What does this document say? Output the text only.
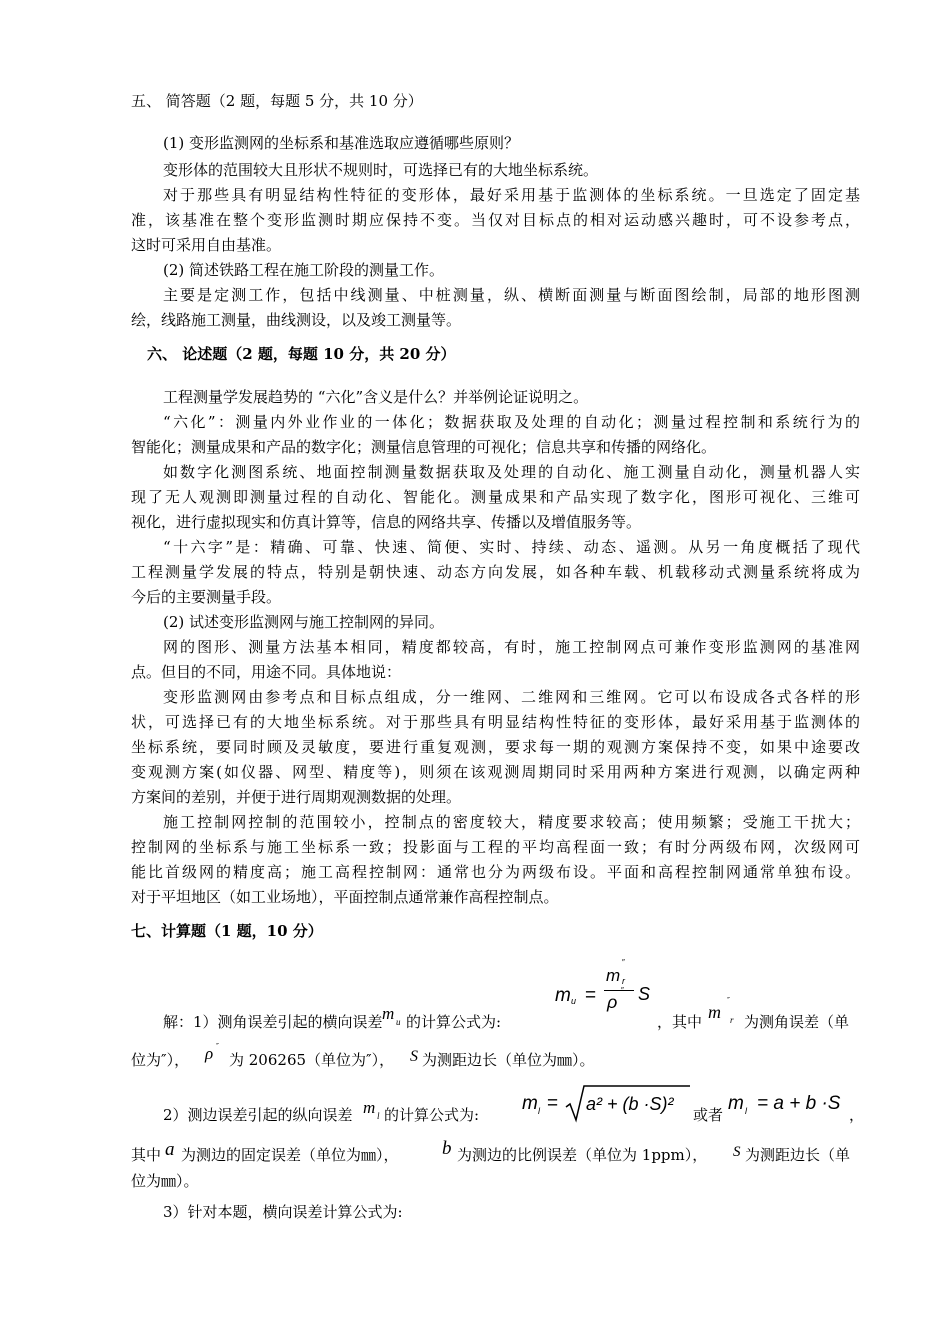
五、 简答题（2 题，每题 5 分，共 10 分）
(1) 变形监测网的坐标系和基准选取应遵循哪些原则？
变形体的范围较大且形状不规则时，可选择已有的大地坐标系统。
对于那些具有明显结构性特征的变形体，最好采用基于监测体的坐标系统。一旦选定了固定基
准，该基准在整个变形监测时期应保持不变。当仅对目标点的相对运动感兴趣时，可不设参考点，
这时可采用自由基准。
(2) 简述铁路工程在施工阶段的测量工作。
主要是定测工作，包括中线测量、中桩测量，纵、横断面测量与断面图绘制，局部的地形图测
绘，线路施工测量，曲线测设，以及竣工测量等。
六、 论述题（2 题，每题 10 分，共 20 分）
工程测量学发展趋势的 “六化”含义是什么？并举例论证说明之。
“六化”：测量内外业作业的一体化；数据获取及处理的自动化；测量过程控制和系统行为的
智能化；测量成果和产品的数字化；测量信息管理的可视化；信息共享和传播的网络化。
如数字化测图系统、地面控制测量数据获取及处理的自动化、施工测量自动化，测量机器人实
现了无人观测即测量过程的自动化、智能化。测量成果和产品实现了数字化，图形可视化、三维可
视化，进行虚拟现实和仿真计算等，信息的网络共享、传播以及增值服务等。
“十六字”是：精确、可靠、快速、简便、实时、持续、动态、遥测。从另一角度概括了现代
工程测量学发展的特点，特别是朝快速、动态方向发展，如各种车载、机载移动式测量系统将成为
今后的主要测量手段。
(2) 试述变形监测网与施工控制网的异同。
网的图形、测量方法基本相同，精度都较高，有时，施工控制网点可兼作变形监测网的基准网
点。但目的不同，用途不同。具体地说：
变形监测网由参考点和目标点组成，分一维网、二维网和三维网。它可以布设成各式各样的形
状，可选择已有的大地坐标系统。对于那些具有明显结构性特征的变形体，最好采用基于监测体的
坐标系统，要同时顾及灵敏度，要进行重复观测，要求每一期的观测方案保持不变，如果中途要改
变观测方案(如仪器、网型、精度等)，则须在该观测周期同时采用两种方案进行观测，以确定两种
方案间的差别，并便于进行周期观测数据的处理。
施工控制网控制的范围较小，控制点的密度较大，精度要求较高；使用频繁；受施工干扰大；
控制网的坐标系与施工坐标系一致；投影面与工程的平均高程面一致；有时分两级布网，次级网可
能比首级网的精度高；施工高程控制网：通常也分为两级布设。平面和高程控制网通常单独布设。
对于平坦地区（如工业场地），平面控制点通常兼作高程控制点。
七、计算题（1 题，10 分）
m u =
m
″
r
ρ
″ S
解：1）测角误差引起的横向误差 m u 的计算公式为:	，其中 m
″
r 为测角误差（单
位为″）， ρ ″
为 206265（单位为″）， S 为测距边长（单位为㎜）。
2）测边误差引起的纵向误差 m l 的计算公式为:
m l = a² + (b ·S)²
或者
m l = a + b ·S
，
其中 a 为测边的固定误差（单位为㎜）， b 为测边的比例误差（单位为 1ppm）， S 为测距边长（单
位为㎜）。
3）针对本题，横向误差计算公式为:
